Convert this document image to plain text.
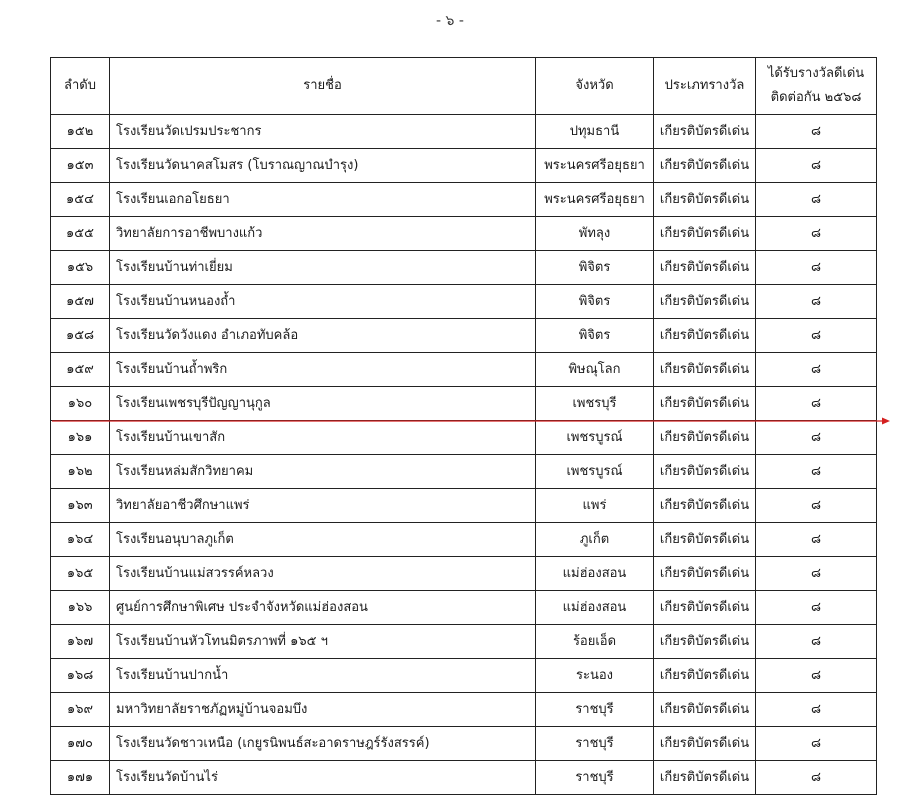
- ๖ -
ลำดับ	รายชื่อ	จังหวัด	ประเภทรางวัล	ได้รับรางวัลดีเด่น
ติดต่อกัน ๒๕๖๘

๑๕๒	โรงเรียนวัดเปรมประชากร	ปทุมธานี	เกียรติบัตรดีเด่น	๘
๑๕๓	โรงเรียนวัดนาคสโมสร (โบราณญาณบำรุง)	พระนครศรีอยุธยา	เกียรติบัตรดีเด่น	๘
๑๕๔	โรงเรียนเอกอโยธยา	พระนครศรีอยุธยา	เกียรติบัตรดีเด่น	๘
๑๕๕	วิทยาลัยการอาชีพบางแก้ว	พัทลุง	เกียรติบัตรดีเด่น	๘
๑๕๖	โรงเรียนบ้านท่าเยี่ยม	พิจิตร	เกียรติบัตรดีเด่น	๘
๑๕๗	โรงเรียนบ้านหนองถ้ำ	พิจิตร	เกียรติบัตรดีเด่น	๘
๑๕๘	โรงเรียนวัดวังแดง อำเภอทับคล้อ	พิจิตร	เกียรติบัตรดีเด่น	๘
๑๕๙	โรงเรียนบ้านถ้ำพริก	พิษณุโลก	เกียรติบัตรดีเด่น	๘
๑๖๐	โรงเรียนเพชรบุรีปัญญานุกูล	เพชรบุรี	เกียรติบัตรดีเด่น	๘
๑๖๑	โรงเรียนบ้านเขาสัก	เพชรบูรณ์	เกียรติบัตรดีเด่น	๘
๑๖๒	โรงเรียนหล่มสักวิทยาคม	เพชรบูรณ์	เกียรติบัตรดีเด่น	๘
๑๖๓	วิทยาลัยอาชีวศึกษาแพร่	แพร่	เกียรติบัตรดีเด่น	๘
๑๖๔	โรงเรียนอนุบาลภูเก็ต	ภูเก็ต	เกียรติบัตรดีเด่น	๘
๑๖๕	โรงเรียนบ้านแม่สวรรค์หลวง	แม่ฮ่องสอน	เกียรติบัตรดีเด่น	๘
๑๖๖	ศูนย์การศึกษาพิเศษ ประจำจังหวัดแม่ฮ่องสอน	แม่ฮ่องสอน	เกียรติบัตรดีเด่น	๘
๑๖๗	โรงเรียนบ้านหัวโทนมิตรภาพที่ ๑๖๕ ฯ	ร้อยเอ็ด	เกียรติบัตรดีเด่น	๘
๑๖๘	โรงเรียนบ้านปากน้ำ	ระนอง	เกียรติบัตรดีเด่น	๘
๑๖๙	มหาวิทยาลัยราชภัฏหมู่บ้านจอมบึง	ราชบุรี	เกียรติบัตรดีเด่น	๘
๑๗๐	โรงเรียนวัดชาวเหนือ (เกยูรนิพนธ์สะอาดราษฎร์รังสรรค์)	ราชบุรี	เกียรติบัตรดีเด่น	๘
๑๗๑	โรงเรียนวัดบ้านไร่	ราชบุรี	เกียรติบัตรดีเด่น	๘
